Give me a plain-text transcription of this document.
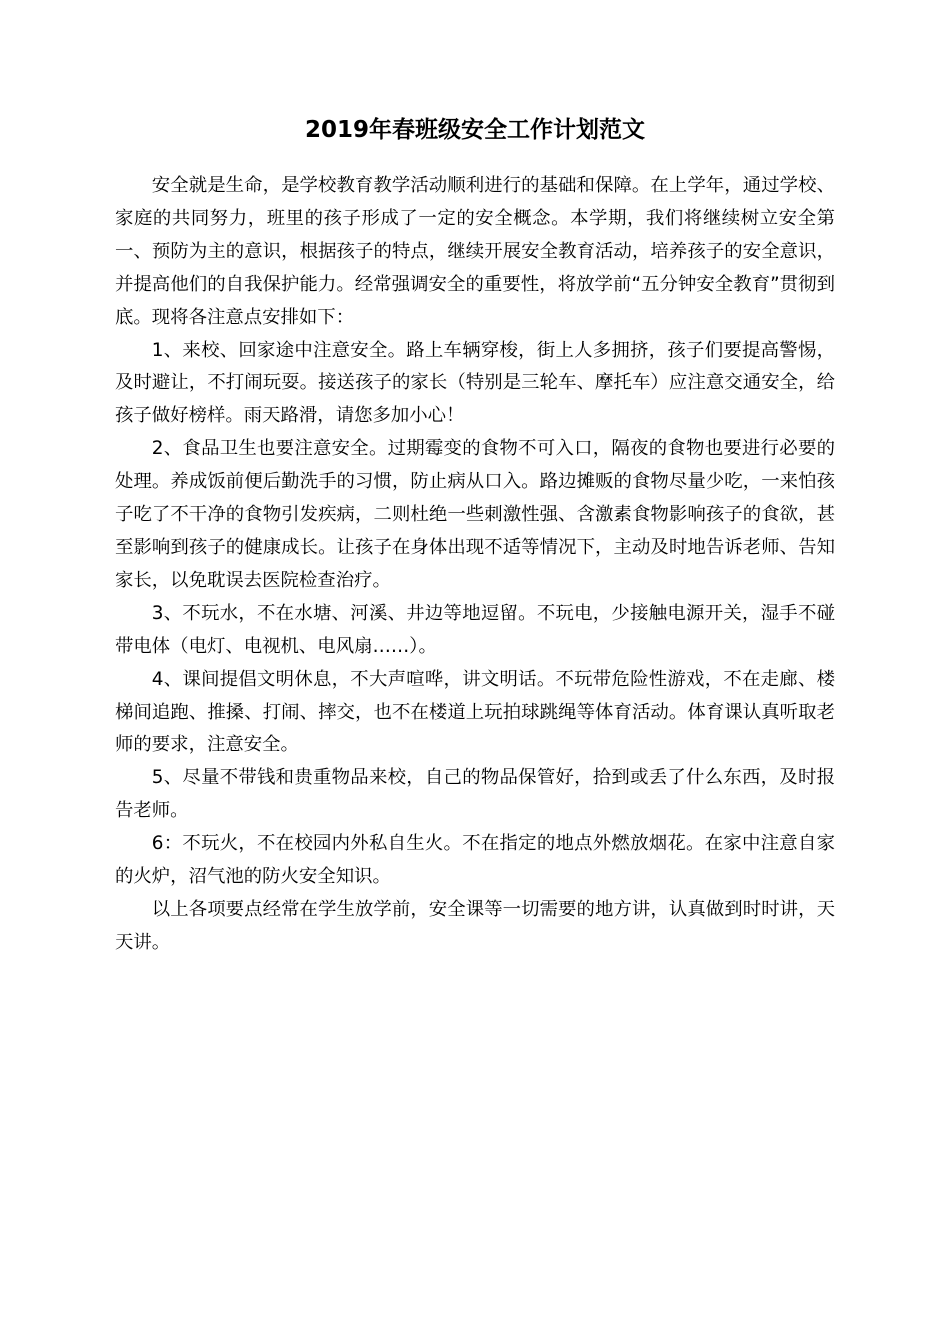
2019年春班级安全工作计划范文

安全就是生命，是学校教育教学活动顺利进行的基础和保障。在上学年，通过学校、家庭的共同努力，班里的孩子形成了一定的安全概念。本学期，我们将继续树立安全第一、预防为主的意识，根据孩子的特点，继续开展安全教育活动，培养孩子的安全意识，并提高他们的自我保护能力。经常强调安全的重要性，将放学前“五分钟安全教育”贯彻到底。现将各注意点安排如下：

1、来校、回家途中注意安全。路上车辆穿梭，街上人多拥挤，孩子们要提高警惕，及时避让，不打闹玩耍。接送孩子的家长（特别是三轮车、摩托车）应注意交通安全，给孩子做好榜样。雨天路滑，请您多加小心！

2、食品卫生也要注意安全。过期霉变的食物不可入口，隔夜的食物也要进行必要的处理。养成饭前便后勤洗手的习惯，防止病从口入。路边摊贩的食物尽量少吃，一来怕孩子吃了不干净的食物引发疾病，二则杜绝一些刺激性强、含激素食物影响孩子的食欲，甚至影响到孩子的健康成长。让孩子在身体出现不适等情况下，主动及时地告诉老师、告知家长，以免耽误去医院检查治疗。

3、不玩水，不在水塘、河溪、井边等地逗留。不玩电，少接触电源开关，湿手不碰带电体（电灯、电视机、电风扇……）。

4、课间提倡文明休息，不大声喧哗，讲文明话。不玩带危险性游戏，不在走廊、楼梯间追跑、推搡、打闹、摔交，也不在楼道上玩拍球跳绳等体育活动。体育课认真听取老师的要求，注意安全。

5、尽量不带钱和贵重物品来校，自己的物品保管好，拾到或丢了什么东西，及时报告老师。

6：不玩火，不在校园内外私自生火。不在指定的地点外燃放烟花。在家中注意自家的火炉，沼气池的防火安全知识。

以上各项要点经常在学生放学前，安全课等一切需要的地方讲，认真做到时时讲，天天讲。
